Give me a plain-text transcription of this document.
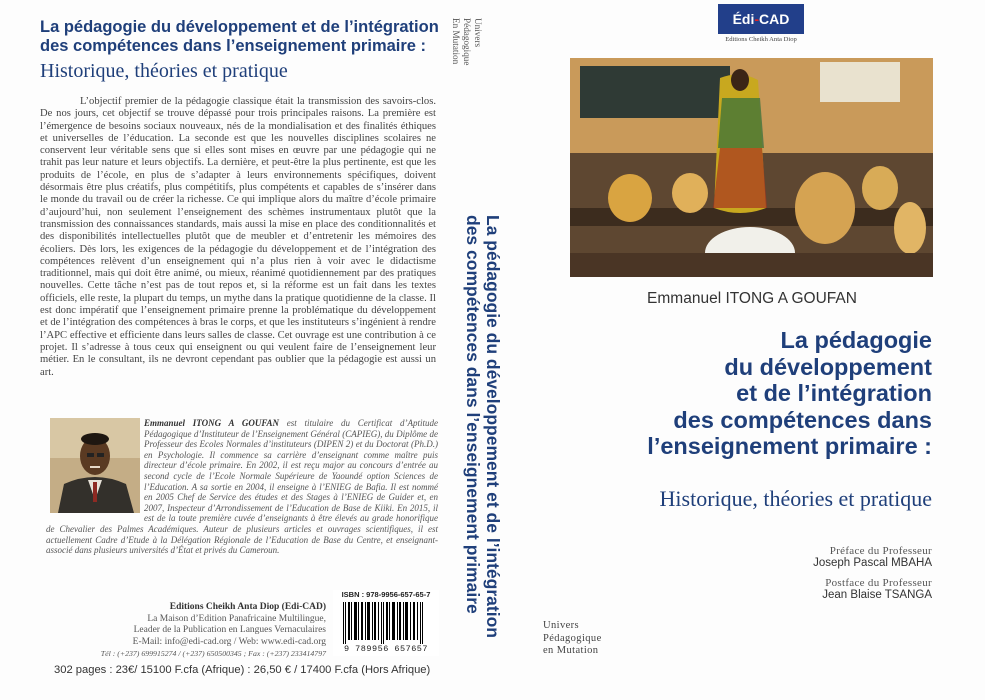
La pédagogie du développement et de l’intégration des compétences dans l’enseignement primaire :
Historique, théories et pratique
L’objectif premier de la pédagogie classique était la transmission des savoirs-clos. De nos jours, cet objectif se trouve dépassé pour trois principales raisons. La première est l’émergence de besoins sociaux nouveaux, nés de la mondialisation et des finalités éthiques et universelles de l’éducation. La seconde est que les nouvelles disciplines scolaires ne conservent leur véritable sens que si elles sont mises en œuvre par une pédagogie qui ne trahit pas leur nature et leurs objectifs. La dernière, et peut-être la plus pertinente, est que les produits de l’école, en plus de s’adapter à leurs environnements spécifiques, doivent désormais être plus créatifs, plus compétitifs, plus compétents et capables de s’insérer dans le monde du travail ou de créer la richesse. Ce qui implique alors du maître d’école primaire d’aujourd’hui, non seulement l’enseignement des schèmes instrumentaux plutôt que la transmission des connaissances standards, mais aussi la mise en place des conditionnalités et des disponibilités intellectuelles plutôt que de meubler et d’entretenir les mémoires des écoliers. Dès lors, les exigences de la pédagogie du développement et de l’intégration des compétences relèvent d’un enseignement qui n’a plus rien à voir avec le didactisme traditionnel, mais qui doit être animé, ou mieux, réanimé quotidiennement par des pratiques nouvelles. Cette tâche n’est pas de tout repos et, si la réforme est un fait dans les textes officiels, elle reste, la plupart du temps, un mythe dans la pratique quotidienne de la classe. Il est donc impératif que l’enseignement primaire prenne la problématique du développement et de l’intégration des compétences à bras le corps, et que les instituteurs s’ingénient à rendre l’APC effective et efficiente dans leurs salles de classe. Cet ouvrage est une contribution à ce projet. Il s’adresse à tous ceux qui enseignent ou qui veulent faire de l’enseignement leur métier. En le consultant, ils ne devront cependant pas oublier que la pédagogie est aussi un art.
Emmanuel ITONG A GOUFAN est titulaire du Certificat d’Aptitude Pédagogique d’Instituteur de l’Enseignement Général (CAPIEG), du Diplôme de Professeur des Ecoles Normales d’instituteurs (DIPEN 2) et du Doctorat (Ph.D.) en Psychologie. Il commence sa carrière d’enseignant comme maître puis directeur d’école primaire. En 2002, il est reçu major au concours d’entrée au second cycle de l’Ecole Normale Supérieure de Yaoundé option Sciences de l’Education. A sa sortie en 2004, il enseigne à l’ENIEG de Bafia. Il est nommé en 2005 Chef de Service des études et des Stages à l’ENIEG de Guider et, en 2007, Inspecteur d’Arrondissement de l’Education de Base de Kiiki. En 2015, il est de la toute première cuvée d’enseignants à être élevés au grade honorifique de Chevalier des Palmes Académiques. Auteur de plusieurs articles et ouvrages scientifiques, il est actuellement Cadre d’Etude à la Délégation Régionale de l’Education de Base du Centre, et enseignant-associé dans plusieurs universités d’État et privés du Cameroun.
Editions Cheikh Anta Diop (Edi-CAD)
La Maison d’Edition Panafricaine Multilingue,
Leader de la Publication en Langues Vernaculaires
E-Mail: info@edi-cad.org / Web: www.edi-cad.org
Tél : (+237) 699915274 / (+237) 650500345 ; Fax : (+237) 233414797
ISBN : 978-9956-657-65-7
9 789956 657657
302 pages : 23€/ 15100 F.cfa (Afrique) : 26,50 € / 17400 F.cfa (Hors Afrique)
Univers
Pédagogique
En Mutation
La pédagogie du développement et de l’intégration
des compétences dans l’enseignement primaire
Édi-CAD
Editions Cheikh Anta Diop
Emmanuel ITONG A GOUFAN
La pédagogie
du développement
et de l’intégration
des compétences dans
l’enseignement primaire :
Historique, théories et pratique
Préface du Professeur
Joseph Pascal MBAHA
Postface du Professeur
Jean Blaise TSANGA
Univers
Pédagogique
en Mutation
